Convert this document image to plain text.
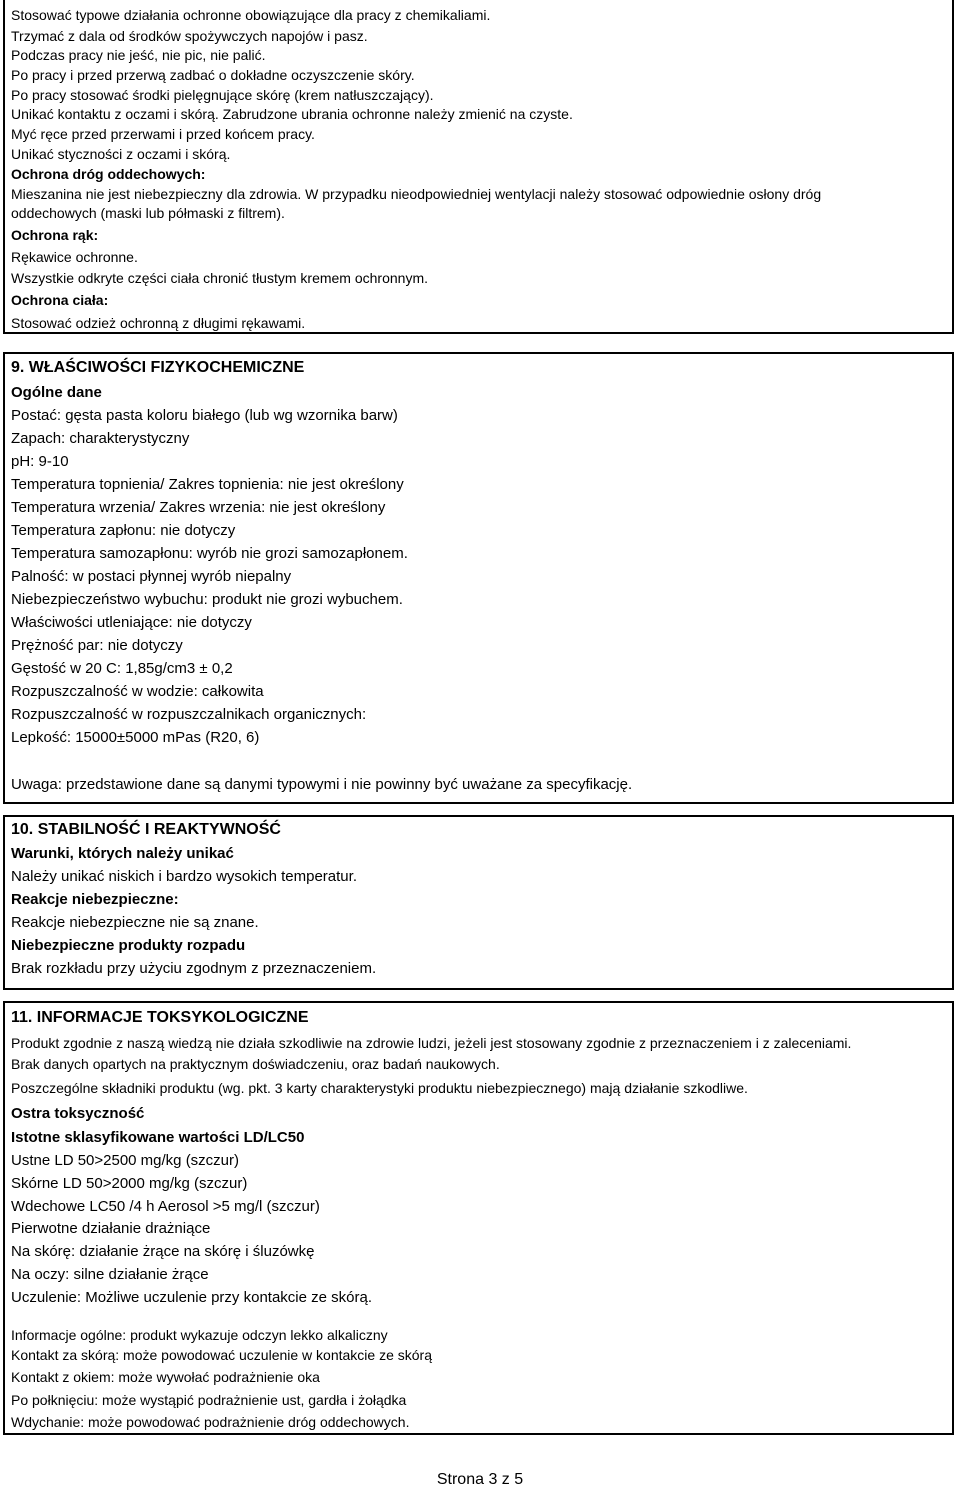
Stosować typowe działania ochronne obowiązujące dla pracy z chemikaliami.
Trzymać z dala od środków spożywczych napojów i pasz.
Podczas pracy nie jeść, nie pic, nie palić.
Po pracy i przed przerwą zadbać o dokładne oczyszczenie skóry.
Po pracy stosować środki pielęgnujące skórę (krem natłuszczający).
Unikać kontaktu z oczami i skórą. Zabrudzone ubrania ochronne należy zmienić na czyste.
Myć ręce przed przerwami i przed końcem pracy.
Unikać styczności z oczami i skórą.
Ochrona dróg oddechowych:
Mieszanina nie jest niebezpieczny dla zdrowia. W przypadku nieodpowiedniej wentylacji należy stosować odpowiednie osłony dróg
oddechowych (maski lub półmaski z filtrem).
Ochrona rąk:
Rękawice ochronne.
Wszystkie odkryte części ciała chronić tłustym kremem ochronnym.
Ochrona ciała:
Stosować odzież ochronną z długimi rękawami.
9. WŁAŚCIWOŚCI FIZYKOCHEMICZNE
Ogólne dane
Postać: gęsta pasta koloru białego (lub wg wzornika barw)
Zapach: charakterystyczny
pH: 9-10
Temperatura topnienia/ Zakres topnienia: nie jest określony
Temperatura wrzenia/ Zakres wrzenia: nie jest określony
Temperatura zapłonu: nie dotyczy
Temperatura samozapłonu: wyrób nie grozi samozapłonem.
Palność: w postaci płynnej wyrób niepalny
Niebezpieczeństwo wybuchu: produkt nie grozi wybuchem.
Właściwości utleniające: nie dotyczy
Prężność par: nie dotyczy
Gęstość w 20 C: 1,85g/cm3 ± 0,2
Rozpuszczalność w wodzie: całkowita
Rozpuszczalność w rozpuszczalnikach organicznych:
Lepkość: 15000±5000 mPas (R20, 6)
Uwaga: przedstawione dane są danymi typowymi i nie powinny być uważane za specyfikację.
10. STABILNOŚĆ I REAKTYWNOŚĆ
Warunki, których należy unikać
Należy unikać niskich i bardzo wysokich temperatur.
Reakcje niebezpieczne:
Reakcje niebezpieczne nie są znane.
Niebezpieczne produkty rozpadu
Brak rozkładu przy użyciu zgodnym z przeznaczeniem.
11. INFORMACJE TOKSYKOLOGICZNE
Produkt zgodnie z naszą wiedzą nie działa szkodliwie na zdrowie ludzi, jeżeli jest stosowany zgodnie z przeznaczeniem i z zaleceniami.
Brak danych opartych na praktycznym doświadczeniu, oraz badań naukowych.
Poszczególne składniki produktu (wg. pkt. 3 karty charakterystyki produktu niebezpiecznego) mają działanie szkodliwe.
Ostra toksyczność
Istotne sklasyfikowane wartości LD/LC50
Ustne LD 50>2500 mg/kg (szczur)
Skórne LD 50>2000 mg/kg (szczur)
Wdechowe LC50 /4 h Aerosol >5 mg/l (szczur)
Pierwotne działanie drażniące
Na skórę: działanie żrące na skórę i śluzówkę
Na oczy: silne działanie żrące
Uczulenie: Możliwe uczulenie przy kontakcie ze skórą.
Informacje ogólne: produkt wykazuje odczyn lekko alkaliczny
Kontakt za skórą: może powodować uczulenie w kontakcie ze skórą
Kontakt z okiem: może wywołać podrażnienie oka
Po połknięciu: może wystąpić podrażnienie ust, gardła i żołądka
Wdychanie: może powodować podrażnienie dróg oddechowych.
Strona 3 z 5
